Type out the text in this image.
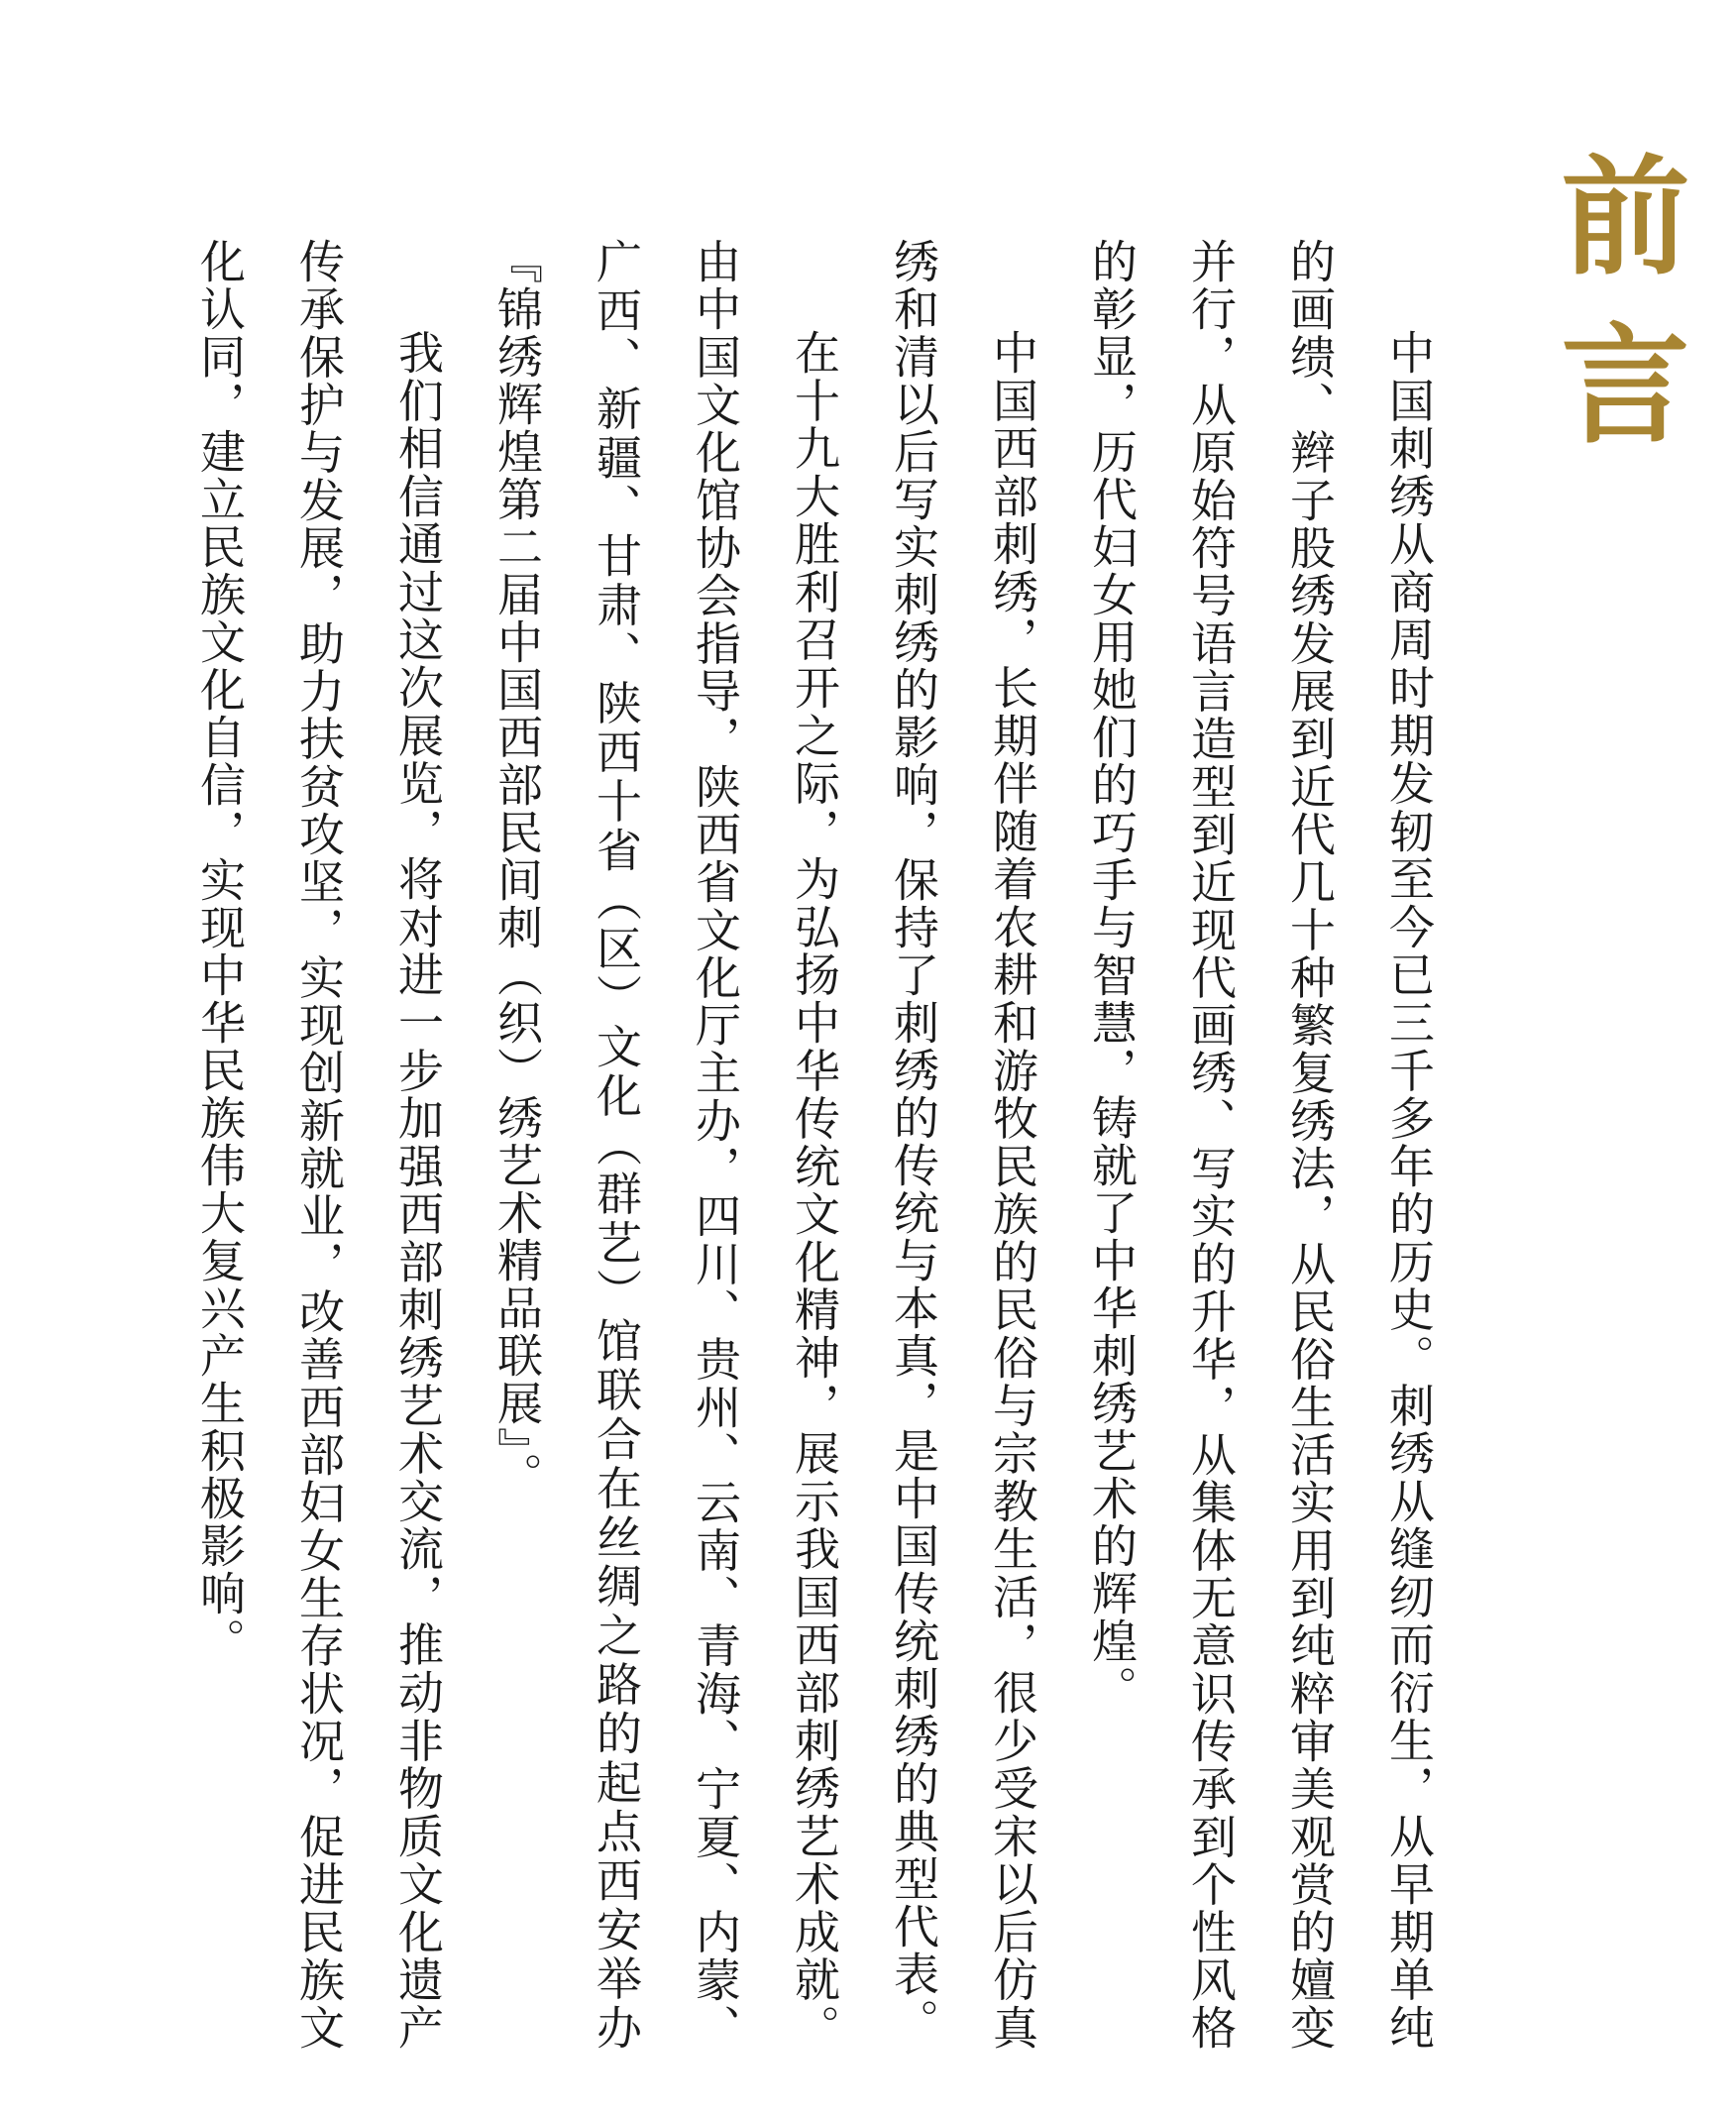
前言

中国刺绣从商周时期发轫至今已三千多年的历史。刺绣从缝纫而衍生，从早期单纯的画缋、辫子股绣发展到近代几十种繁复绣法，从民俗生活实用到纯粹审美观赏的嬗变并行，从原始符号语言造型到近现代画绣、写实的升华，从集体无意识传承到个性风格的彰显，历代妇女用她们的巧手与智慧，铸就了中华刺绣艺术的辉煌。

中国西部刺绣，长期伴随着农耕和游牧民族的民俗与宗教生活，很少受宋以后仿真绣和清以后写实刺绣的影响，保持了刺绣的传统与本真，是中国传统刺绣的典型代表。

在十九大胜利召开之际，为弘扬中华传统文化精神，展示我国西部刺绣艺术成就。由中国文化馆协会指导，陕西省文化厅主办，四川、贵州、云南、青海、宁夏、内蒙、广西、新疆、甘肃、陕西十省（区）文化（群艺）馆联合在丝绸之路的起点西安举办『锦绣辉煌第二届中国西部民间刺（织）绣艺术精品联展』。

我们相信通过这次展览，将对进一步加强西部刺绣艺术交流，推动非物质文化遗产传承保护与发展，助力扶贫攻坚，实现创新就业，改善西部妇女生存状况，促进民族文化认同，建立民族文化自信，实现中华民族伟大复兴产生积极影响。
